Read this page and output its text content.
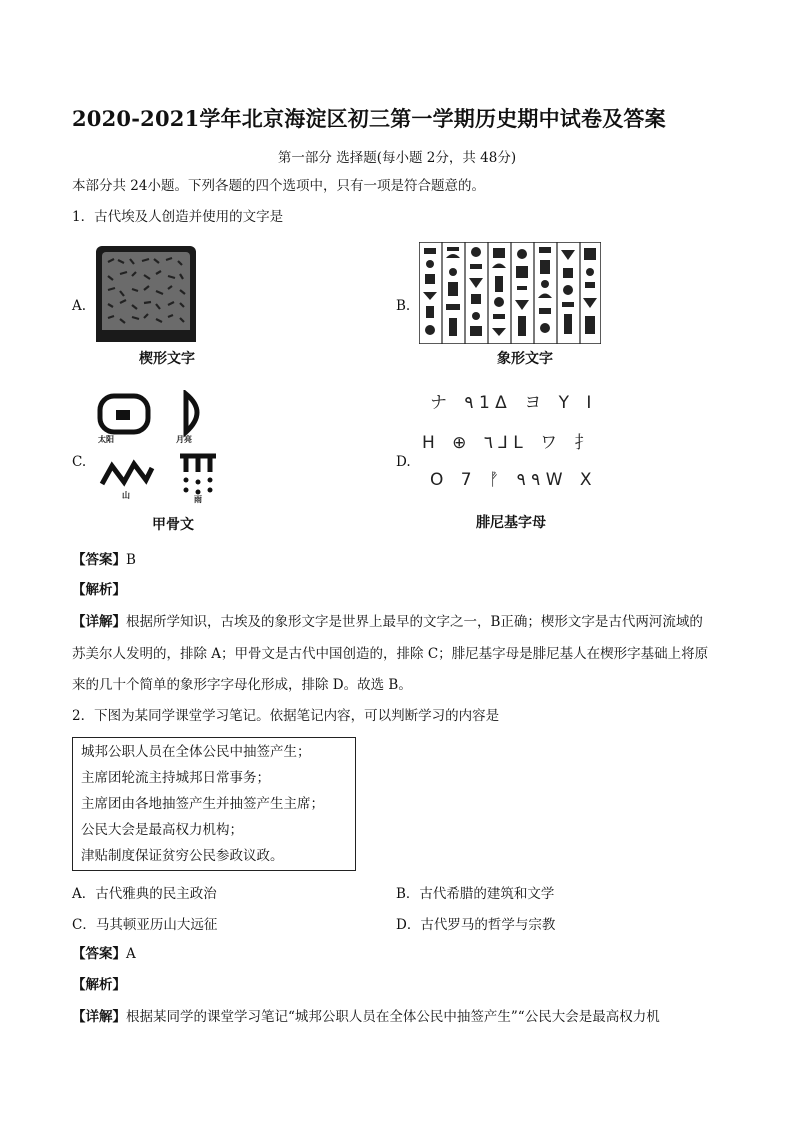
2020-2021学年北京海淀区初三第一学期历史期中试卷及答案
第一部分 选择题(每小题 2分，共 48分)
本部分共 24小题。下列各题的四个选项中，只有一项是符合题意的。
1．古代埃及人创造并使用的文字是
A.
楔形文字
B.
象形文字
C.
太阳	月亮
山	雨
甲骨文
D.
ナ ٩ 1 Δ ヨ Y I
H ⊕ ٦ ⅃ L ワ ⺘
O 7 ᚡ ٩ ٩ W X
腓尼基字母
【答案】B
【解析】
【详解】根据所学知识，古埃及的象形文字是世界上最早的文字之一，B正确；楔形文字是古代两河流域的
苏美尔人发明的，排除 A；甲骨文是古代中国创造的，排除 C；腓尼基字母是腓尼基人在楔形字基础上将原
来的几十个简单的象形字字母化形成，排除 D。故选 B。
2．下图为某同学课堂学习笔记。依据笔记内容，可以判断学习的内容是
城邦公职人员在全体公民中抽签产生；
主席团轮流主持城邦日常事务；
主席团由各地抽签产生并抽签产生主席；
公民大会是最高权力机构；
津贴制度保证贫穷公民参政议政。
A．古代雅典的民主政治	B．古代希腊的建筑和文学
C．马其顿亚历山大远征	D．古代罗马的哲学与宗教
【答案】A
【解析】
【详解】根据某同学的课堂学习笔记“城邦公职人员在全体公民中抽签产生”“公民大会是最高权力机
